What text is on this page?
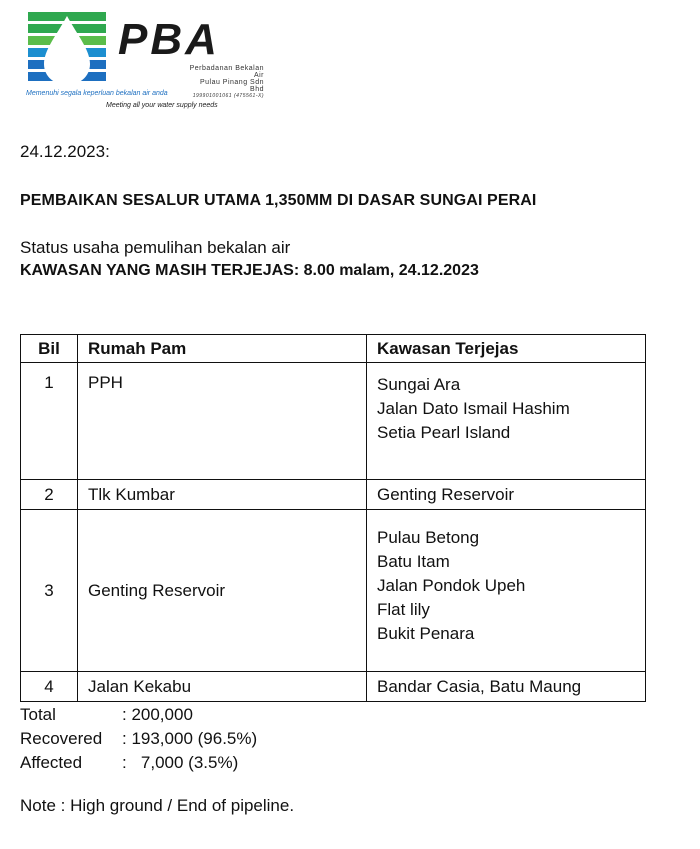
PBA
Perbadanan Bekalan Air
Pulau Pinang Sdn Bhd
199901001061 (475561-X)
Memenuhi segala keperluan bekalan air anda
Meeting all your water supply needs
24.12.2023:
PEMBAIKAN SESALUR UTAMA 1,350MM DI DASAR SUNGAI PERAI
Status usaha pemulihan bekalan air
KAWASAN YANG MASIH TERJEJAS: 8.00 malam, 24.12.2023
Bil	Rumah Pam	Kawasan Terjejas
1	PPH	Sungai Ara
Jalan Dato Ismail Hashim
Setia Pearl Island

2	Tlk Kumbar	Genting Reservoir

3	Genting Reservoir	Pulau Betong
Batu Itam
Jalan Pondok Upeh
Flat lily
Bukit Penara

4	Jalan Kekabu	Bandar Casia, Batu Maung
Total	: 200,000
Recovered : 193,000 (96.5%)
Affected :   7,000 (3.5%)
Note : High ground / End of pipeline.
